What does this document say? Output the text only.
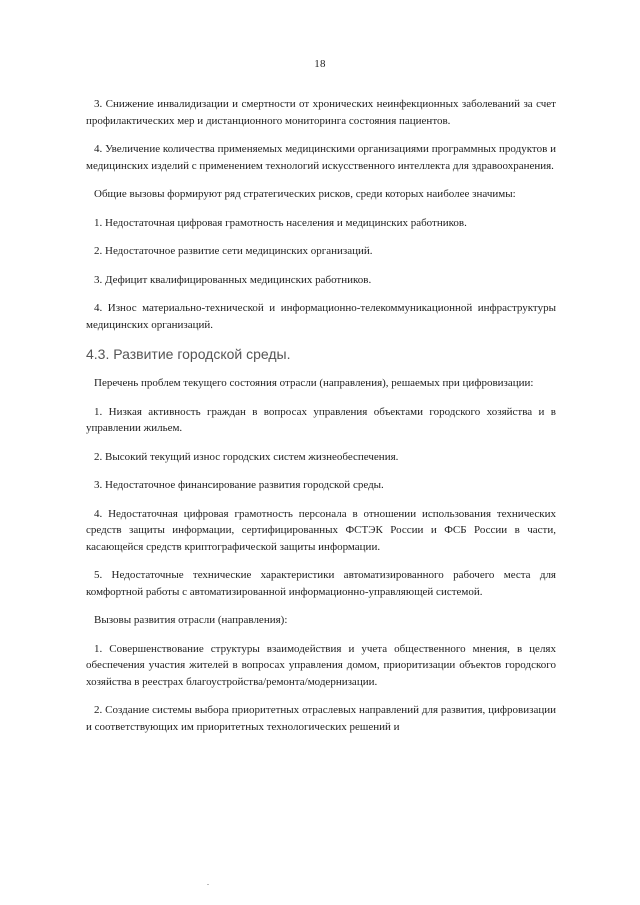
18

3. Снижение инвалидизации и смертности от хронических неинфекционных заболеваний за счет профилактических мер и дистанционного мониторинга состояния пациентов.

4. Увеличение количества применяемых медицинскими организациями программных продуктов и медицинских изделий с применением технологий искусственного интеллекта для здравоохранения.

Общие вызовы формируют ряд стратегических рисков, среди которых наиболее значимы:

1. Недостаточная цифровая грамотность населения и медицинских работников.

2. Недостаточное развитие сети медицинских организаций.

3. Дефицит квалифицированных медицинских работников.

4. Износ материально-технической и информационно-телекоммуникационной инфраструктуры медицинских организаций.

4.3. Развитие городской среды.

Перечень проблем текущего состояния отрасли (направления), решаемых при цифровизации:

1. Низкая активность граждан в вопросах управления объектами городского хозяйства и в управлении жильем.

2. Высокий текущий износ городских систем жизнеобеспечения.

3. Недостаточное финансирование развития городской среды.

4. Недостаточная цифровая грамотность персонала в отношении использования технических средств защиты информации, сертифицированных ФСТЭК России и ФСБ России в части, касающейся средств криптографической защиты информации.

5. Недостаточные технические характеристики автоматизированного рабочего места для комфортной работы с автоматизированной информационно-управляющей системой.

Вызовы развития отрасли (направления):

1. Совершенствование структуры взаимодействия и учета общественного мнения, в целях обеспечения участия жителей в вопросах управления домом, приоритизации объектов городского хозяйства в реестрах благоустройства/ремонта/модернизации.

2. Создание системы выбора приоритетных отраслевых направлений для развития, цифровизации и соответствующих им приоритетных технологических решений и
